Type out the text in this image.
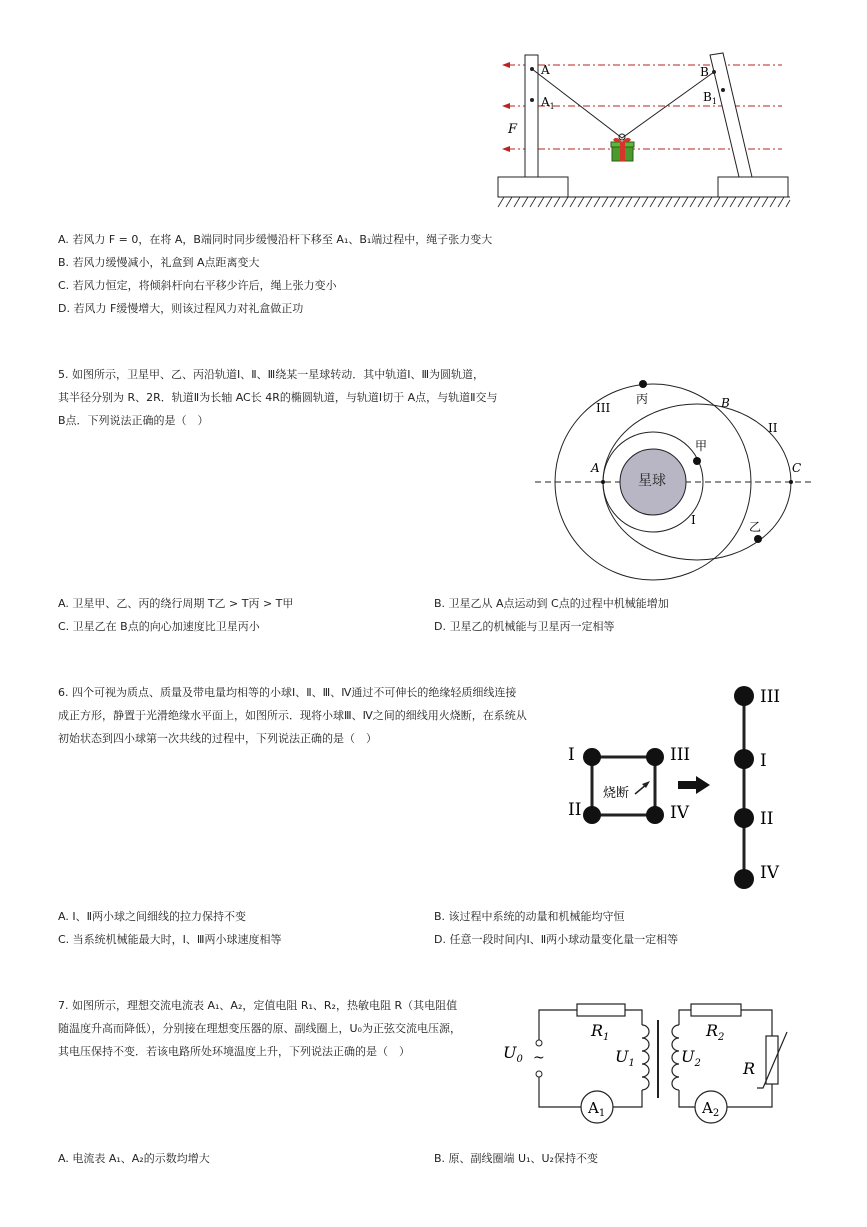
A
$A_1$
B
$B_1$
F
A. 若风力 F = 0，在将 A，B端同时同步缓慢沿杆下移至 A₁、B₁端过程中，绳子张力变大
B. 若风力缓慢减小，礼盒到 A点距离变大
C. 若风力恒定，将倾斜杆向右平移少许后，绳上张力变小
D. 若风力 F缓慢增大，则该过程风力对礼盒做正功
5. 如图所示，卫星甲、乙、丙沿轨道Ⅰ、Ⅱ、Ⅲ绕某一星球转动．其中轨道Ⅰ、Ⅲ为圆轨道，
其半径分别为 R、2R．轨道Ⅱ为长轴 AC长 4R的椭圆轨道，与轨道Ⅰ切于 A点，与轨道Ⅱ交与
B点．下列说法正确的是（　）
星球
丙
甲
乙
III
II
I
A
B
C
A. 卫星甲、乙、丙的绕行周期 T乙 > T丙 > T甲	B. 卫星乙从 A点运动到 C点的过程中机械能增加
C. 卫星乙在 B点的向心加速度比卫星丙小	D. 卫星乙的机械能与卫星丙一定相等
6. 四个可视为质点、质量及带电量均相等的小球Ⅰ、Ⅱ、Ⅲ、Ⅳ通过不可伸长的绝缘轻质细线连接
成正方形，静置于光滑绝缘水平面上，如图所示．现将小球Ⅲ、Ⅳ之间的细线用火烧断，在系统从
初始状态到四小球第一次共线的过程中，下列说法正确的是（　）
I	III
II	IV
烧断
III
I
II
IV
A. Ⅰ、Ⅱ两小球之间细线的拉力保持不变	B. 该过程中系统的动量和机械能均守恒
C. 当系统机械能最大时，Ⅰ、Ⅲ两小球速度相等	D. 任意一段时间内Ⅰ、Ⅱ两小球动量变化量一定相等
7. 如图所示，理想交流电流表 A₁、A₂，定值电阻 R₁、R₂，热敏电阻 R（其电阻值
随温度升高而降低），分别接在理想变压器的原、副线圈上，U₀为正弦交流电压源，
其电压保持不变．若该电路所处环境温度上升，下列说法正确的是（　）	~
$A_1$	$A_2$
$U_0$	$U_1$	$U_2$
$R_1$	$R_2$
R
A. 电流表 A₁、A₂的示数均增大	B. 原、副线圈端 U₁、U₂保持不变
